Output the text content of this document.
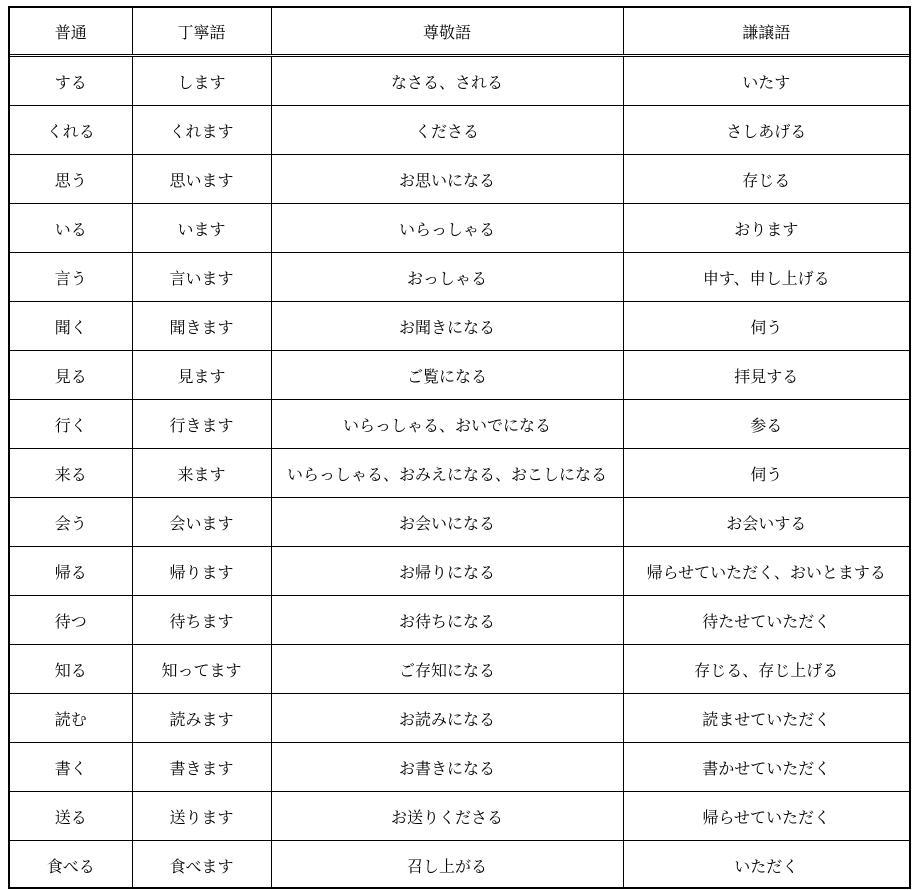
普通	丁寧語	尊敬語	謙譲語
する	します	なさる、される	いたす
くれる	くれます	くださる	さしあげる
思う	思います	お思いになる	存じる
いる	います	いらっしゃる	おります
言う	言います	おっしゃる	申す、申し上げる
聞く	聞きます	お聞きになる	伺う
見る	見ます	ご覧になる	拝見する
行く	行きます	いらっしゃる、おいでになる	参る
来る	来ます	いらっしゃる、おみえになる、おこしになる	伺う
会う	会います	お会いになる	お会いする
帰る	帰ります	お帰りになる	帰らせていただく、おいとまする
待つ	待ちます	お待ちになる	待たせていただく
知る	知ってます	ご存知になる	存じる、存じ上げる
読む	読みます	お読みになる	読ませていただく
書く	書きます	お書きになる	書かせていただく
送る	送ります	お送りくださる	帰らせていただく
食べる	食べます	召し上がる	いただく
